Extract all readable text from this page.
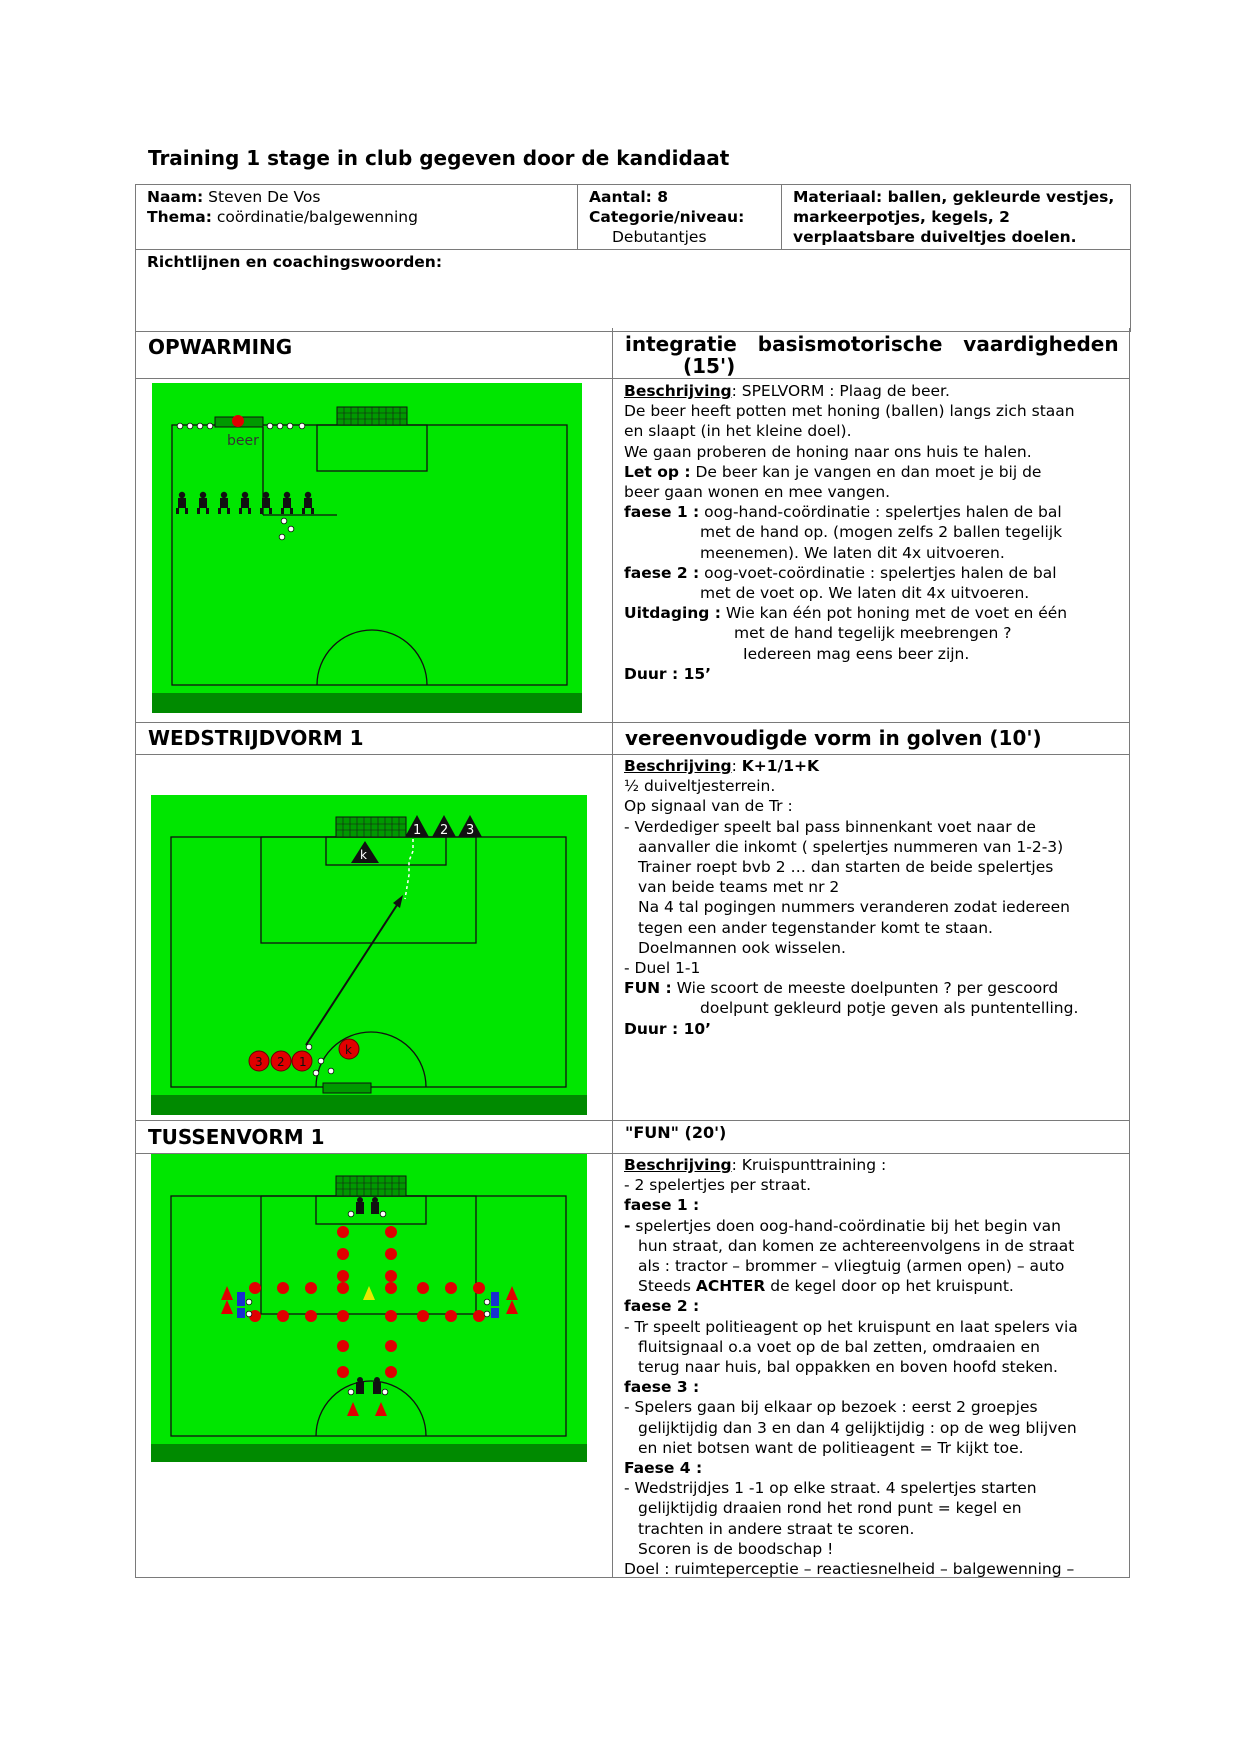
Training 1 stage in club gegeven door de kandidaat
Naam: Steven De Vos
Thema: coördinatie/balgewenning

Aantal: 8
Categorie/niveau:
Debutantjes
	Materiaal: ballen, gekleurde vestjes, markeerpotjes, kegels, 2 verplaatsbare duiveltjes doelen.
Richtlijnen en coachingswoorden:
OPWARMING	integratie   basismotorische   vaardigheden
(15')
beer
Beschrijving: SPELVORM : Plaag de beer.
De beer heeft potten met honing (ballen) langs zich staan
en slaapt (in het kleine doel).
We gaan proberen de honing naar ons huis te halen.
Let op : De beer kan je vangen en dan moet je bij de
beer gaan wonen en mee vangen.
faese 1 : oog-hand-coördinatie : spelertjes halen de bal
met de hand op. (mogen zelfs 2 ballen tegelijk
meenemen). We laten dit 4x uitvoeren.
faese 2 : oog-voet-coördinatie : spelertjes halen de bal
met de voet op. We laten dit 4x uitvoeren.
Uitdaging : Wie kan één pot honing met de voet en één
met de hand tegelijk meebrengen ?
Iedereen mag eens beer zijn.
Duur : 15’
WEDSTRIJDVORM 1	vereenvoudigde vorm in golven (10')
1 2 3
k
3 2 1
k
Beschrijving: K+1/1+K
½ duiveltjesterrein.
Op signaal van de Tr :
- Verdediger speelt bal pass binnenkant voet naar de
aanvaller die inkomt ( spelertjes nummeren van 1-2-3)
Trainer roept bvb 2 … dan starten de beide spelertjes
van beide teams met nr 2
Na 4 tal pogingen nummers veranderen zodat iedereen
tegen een ander tegenstander komt te staan.
Doelmannen ook wisselen.
- Duel 1-1
FUN : Wie scoort de meeste doelpunten ? per gescoord
doelpunt gekleurd potje geven als puntentelling.
Duur : 10’
TUSSENVORM 1	"FUN" (20')
Beschrijving: Kruispunttraining :
- 2 spelertjes per straat.
faese 1 :
- spelertjes doen oog-hand-coördinatie bij het begin van
hun straat, dan komen ze achtereenvolgens in de straat
als : tractor – brommer – vliegtuig (armen open) – auto
Steeds ACHTER de kegel door op het kruispunt.
faese 2 :
- Tr speelt politieagent op het kruispunt en laat spelers via
fluitsignaal o.a voet op de bal zetten, omdraaien en
terug naar huis, bal oppakken en boven hoofd steken.
faese 3 :
- Spelers gaan bij elkaar op bezoek : eerst 2 groepjes
gelijktijdig dan 3 en dan 4 gelijktijdig : op de weg blijven
en niet botsen want de politieagent = Tr kijkt toe.
Faese 4 :
- Wedstrijdjes 1 -1 op elke straat. 4 spelertjes starten
gelijktijdig draaien rond het rond punt = kegel en
trachten in andere straat te scoren.
Scoren is de boodschap !
Doel : ruimteperceptie – reactiesnelheid – balgewenning –
